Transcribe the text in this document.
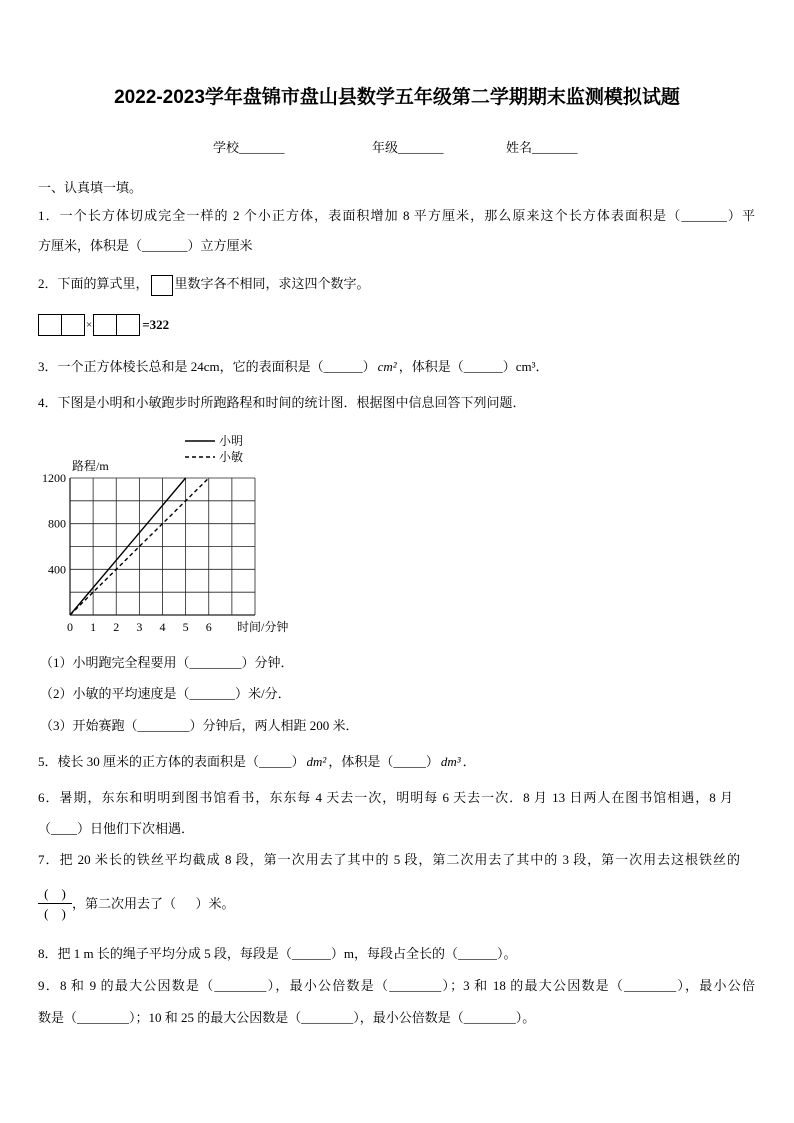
2022-2023学年盘锦市盘山县数学五年级第二学期期末监测模拟试题
学校_______	年级_______	姓名_______
一、认真填一填。
1．一个长方体切成完全一样的 2 个小正方体，表面积增加 8 平方厘米，那么原来这个长方体表面积是（_______）平
方厘米，体积是（_______）立方厘米
2．下面的算式里， 里数字各不相同，求这四个数字。
×	=322
3．一个正方体棱长总和是 24cm，它的表面积是（______） cm² ，体积是（______）cm³．
4．下图是小明和小敏跑步时所跑路程和时间的统计图．根据图中信息回答下列问题．
0 1 2 3 4 5 6
400
800
1200
路程/m
时间/分钟
小明
小敏
（1）小明跑完全程要用（________）分钟．
（2）小敏的平均速度是（_______）米/分．
（3）开始赛跑（________）分钟后，两人相距 200 米．
5．棱长 30 厘米的正方体的表面积是（_____） dm² ，体积是（_____） dm³ ．
6．暑期，东东和明明到图书馆看书，东东每 4 天去一次，明明每 6 天去一次．8 月 13 日两人在图书馆相遇，8 月
（____）日他们下次相遇．
7．把 20 米长的铁丝平均截成 8 段，第一次用去了其中的 5 段，第二次用去了其中的 3 段，第一次用去这根铁丝的
$\frac{( )}{( )}$ ，第二次用去了（      ）米。
8．把 1 m 长的绳子平均分成 5 段，每段是（______）m，每段占全长的（______）。
9．8 和 9 的最大公因数是（________），最小公倍数是（________）；3 和 18 的最大公因数是（________），最小公倍
数是（________）；10 和 25 的最大公因数是（________），最小公倍数是（________）。
